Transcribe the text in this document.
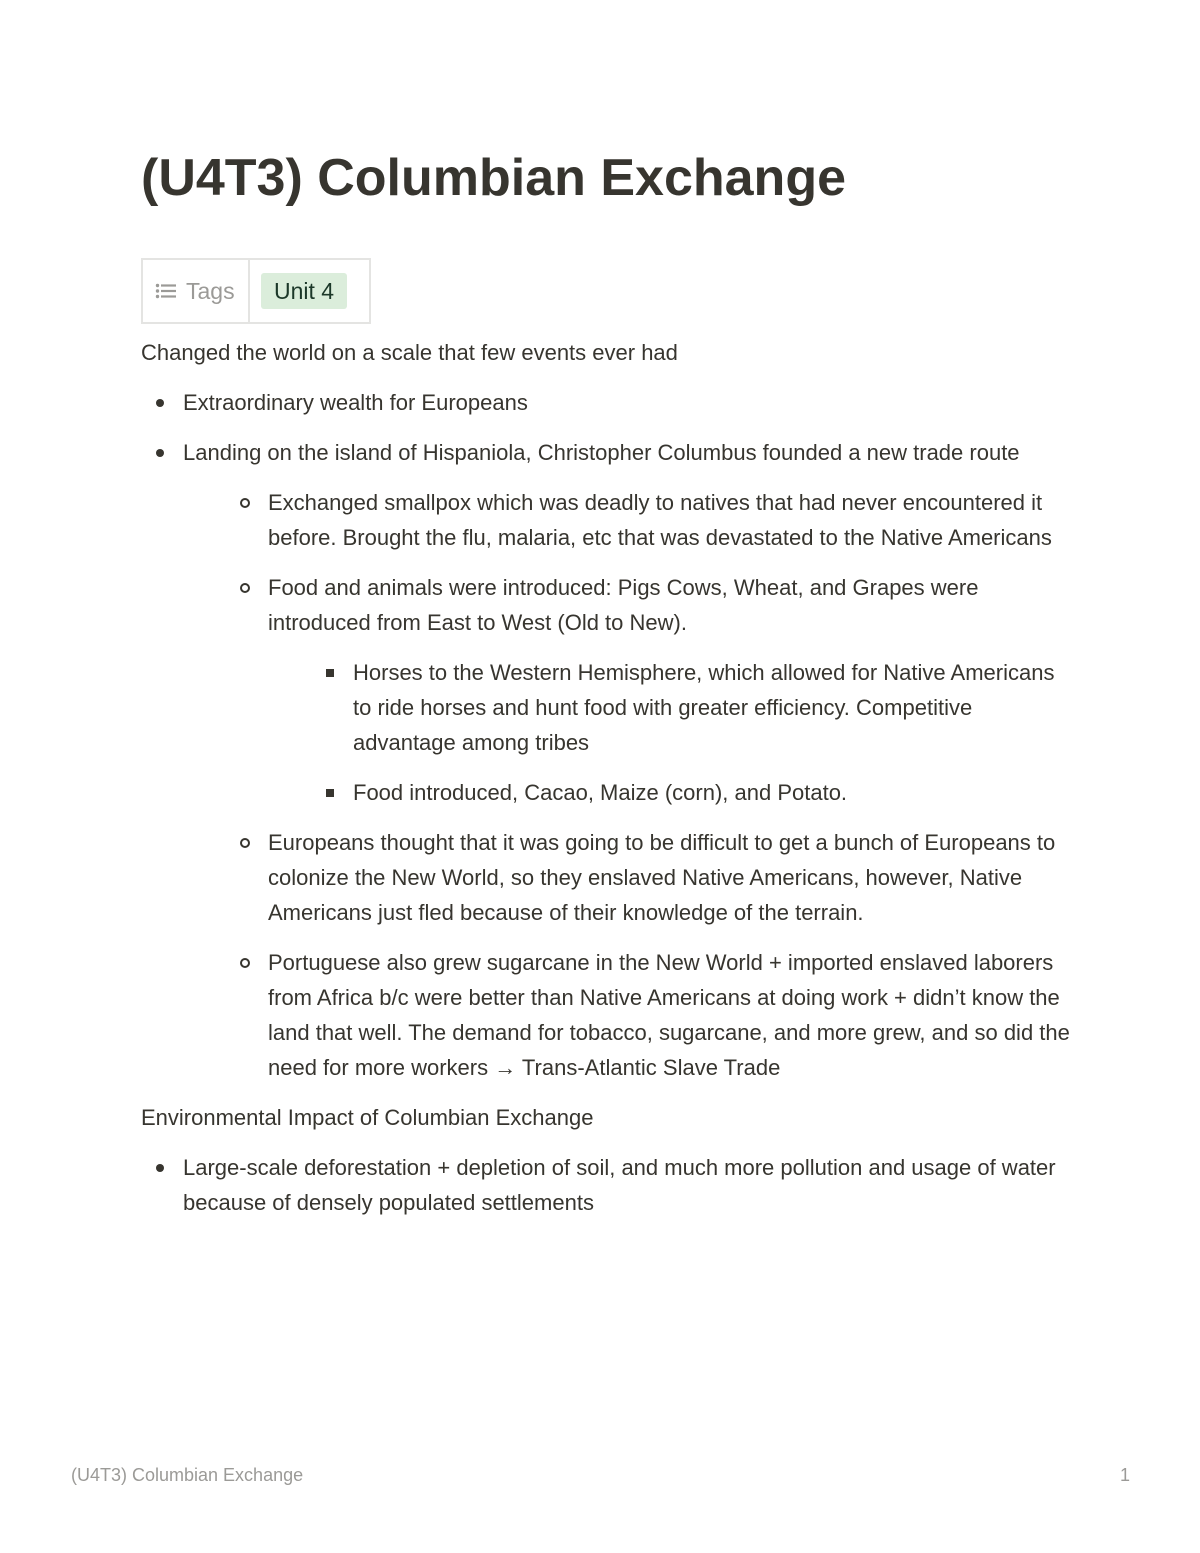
(U4T3) Columbian Exchange
Tags	Unit 4

Changed the world on a scale that few events ever had

Extraordinary wealth for Europeans
Landing on the island of Hispaniola, Christopher Columbus founded a new trade route
Exchanged smallpox which was deadly to natives that had never encountered it before. Brought the flu, malaria, etc that was devastated to the Native Americans
Food and animals were introduced: Pigs Cows, Wheat, and Grapes were introduced from East to West (Old to New).
Horses to the Western Hemisphere, which allowed for Native Americans to ride horses and hunt food with greater efficiency. Competitive advantage among tribes
Food introduced, Cacao, Maize (corn), and Potato.
Europeans thought that it was going to be difficult to get a bunch of Europeans to colonize the New World, so they enslaved Native Americans, however, Native Americans just fled because of their knowledge of the terrain.
Portuguese also grew sugarcane in the New World + imported enslaved laborers from Africa b/c were better than Native Americans at doing work + didn’t know the land that well. The demand for tobacco, sugarcane, and more grew, and so did the need for more workers → Trans-Atlantic Slave Trade

Environmental Impact of Columbian Exchange

Large-scale deforestation + depletion of soil, and much more pollution and usage of water because of densely populated settlements
(U4T3) Columbian Exchange	1
